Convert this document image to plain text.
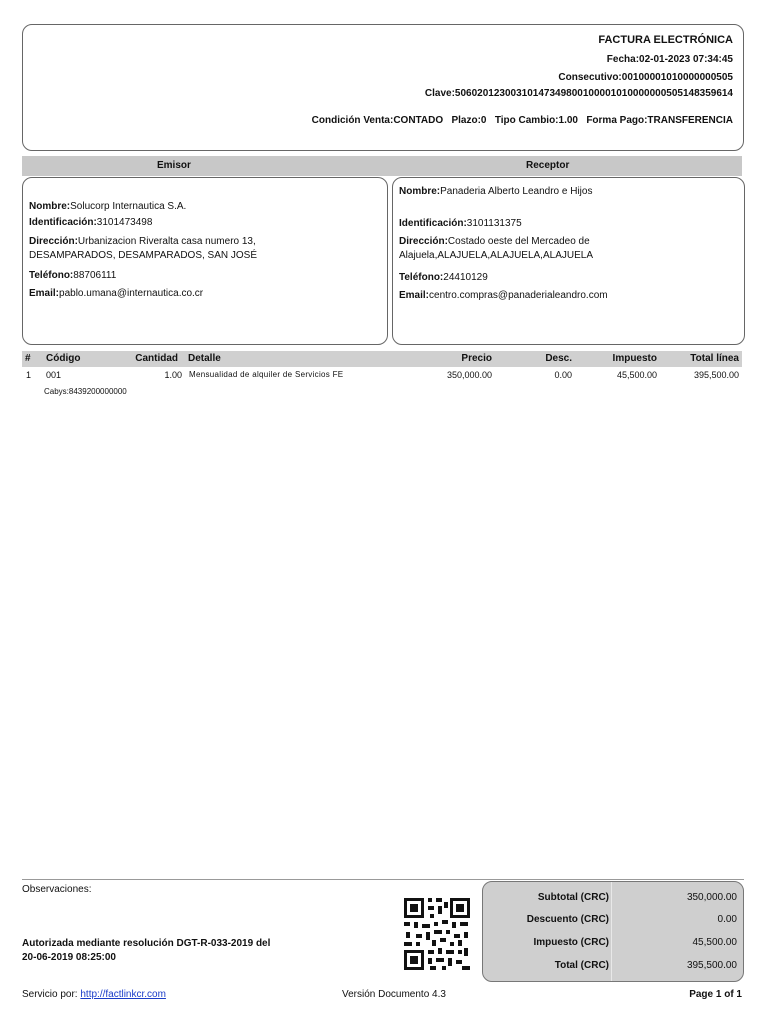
FACTURA ELECTRÓNICA
Fecha:02-01-2023 07:34:45
Consecutivo:00100001010000000505
Clave:50602012300310147349800100001010000000505148359614
Condición Venta:CONTADO   Plazo:0   Tipo Cambio:1.00   Forma Pago:TRANSFERENCIA
Emisor	Receptor
Nombre:Solucorp Internautica S.A.
Identificación:3101473498
Dirección:Urbanizacion Riveralta casa numero 13,
DESAMPARADOS, DESAMPARADOS, SAN JOSÉ
Teléfono:88706111
Email:pablo.umana@internautica.co.cr
Nombre:Panaderia Alberto Leandro e Hijos
Identificación:3101131375
Dirección:Costado oeste del Mercadeo de
Alajuela,ALAJUELA,ALAJUELA,ALAJUELA
Teléfono:24410129
Email:centro.compras@panaderialeandro.com
# Código	Cantidad Detalle	Precio	Desc.	Impuesto	Total línea
1 001	1.00 Mensualidad de alquiler de Servicios FE	350,000.00	0.00	45,500.00	395,500.00
Cabys:8439200000000
Observaciones:
Autorizada mediante resolución DGT-R-033-2019 del
20-06-2019 08:25:00
Subtotal (CRC)	350,000.00
Descuento (CRC)	0.00
Impuesto (CRC)	45,500.00
Total (CRC)	395,500.00
Servicio por: http://factlinkcr.com	Versión Documento 4.3	Page 1 of 1
